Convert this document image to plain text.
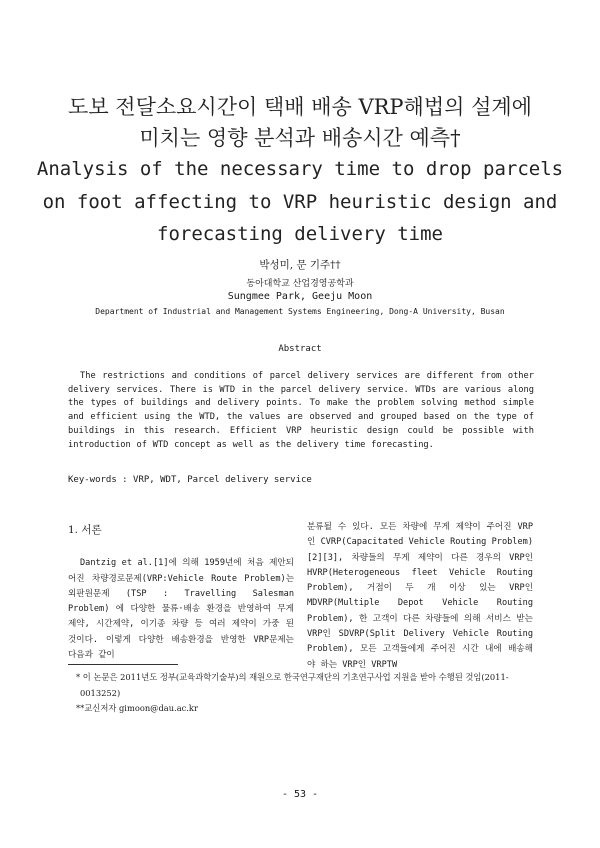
도보 전달소요시간이 택배 배송 VRP해법의 설계에
미치는 영향 분석과 배송시간 예측†
Analysis of the necessary time to drop parcels
on foot affecting to VRP heuristic design and
forecasting delivery time
박성미, 문 기주††
동아대학교 산업경영공학과
Sungmee Park, Geeju Moon
Department of Industrial and Management Systems Engineering, Dong-A University, Busan
Abstract
The restrictions and conditions of parcel delivery services are different from other delivery services. There is WTD in the parcel delivery service. WTDs are various along the types of buildings and delivery points. To make the problem solving method simple and efficient using the WTD, the values are observed and grouped based on the type of buildings in this research. Efficient VRP heuristic design could be possible with introduction of WTD concept as well as the delivery time forecasting.
Key-words : VRP, WDT, Parcel delivery service
1. 서론

Dantzig et al.[1]에 의해 1959년에 처음 제안되어진 차량경로문제(VRP:Vehicle Route Problem)는 외판원문제 (TSP : Travelling Salesman Problem) 에 다양한 물류·배송 환경을 반영하여 무게제약, 시간제약, 이기종 차량 등 여러 제약이 가중 된 것이다. 이렇게 다양한 배송환경을 반영한 VRP문제는 다음과 같이

분류될 수 있다. 모든 차량에 무게 제약이 주어진 VRP인 CVRP(Capacitated Vehicle Routing Problem)[2][3], 차량들의 무게 제약이 다른 경우의 VRP인 HVRP(Heterogeneous fleet Vehicle Routing Problem), 거점이 두 개 이상 있는 VRP인 MDVRP(Multiple Depot Vehicle Routing Problem), 한 고객이 다른 차량들에 의해 서비스 받는 VRP인 SDVRP(Split Delivery Vehicle Routing Problem), 모든 고객들에게 주어진 시간 내에 배송해야 하는 VRP인 VRPTW

* 이 논문은 2011년도 정부(교육과학기술부)의 재원으로 한국연구재단의 기초연구사업 지원을 받아 수행된 것임(2011-0013252)
**교신저자 gimoon@dau.ac.kr
- 53 -
